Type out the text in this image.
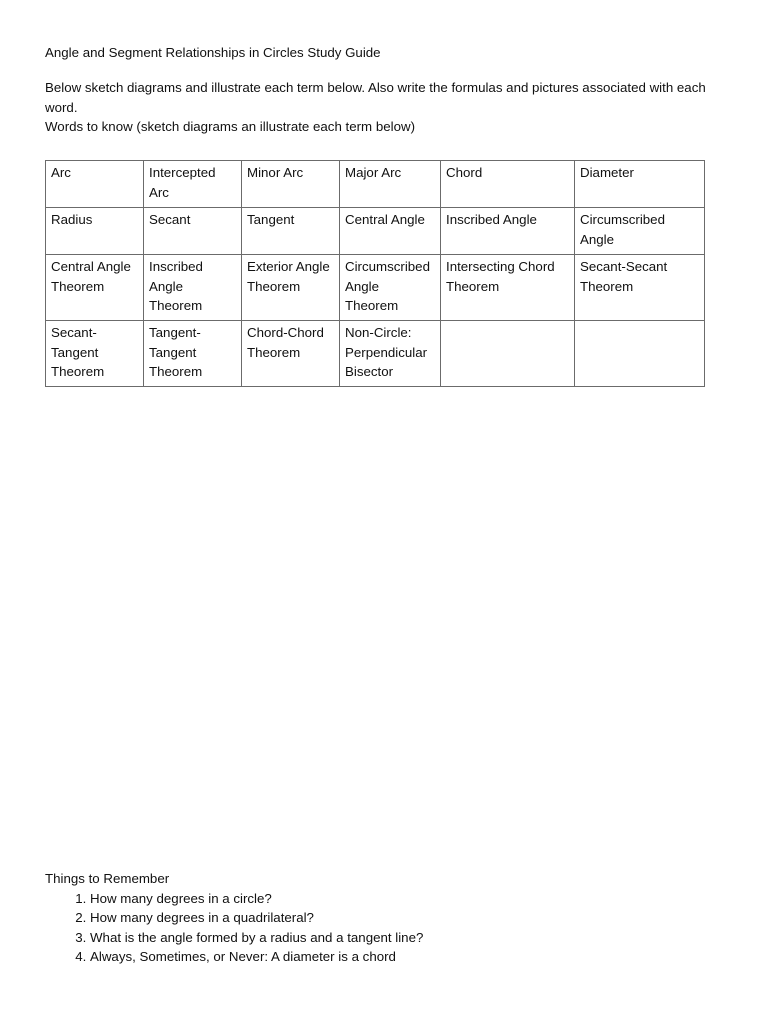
Angle and Segment Relationships in Circles Study Guide

Below sketch diagrams and illustrate each term below. Also write the formulas and pictures associated with each word.

Words to know (sketch diagrams an illustrate each term below)

Arc	Intercepted Arc	Minor Arc	Major Arc	Chord	Diameter
Radius	Secant	Tangent	Central Angle	Inscribed Angle	Circumscribed Angle
Central Angle Theorem	Inscribed Angle Theorem	Exterior Angle Theorem	Circumscribed Angle Theorem	Intersecting Chord Theorem	Secant-Secant Theorem
Secant- Tangent Theorem	Tangent- Tangent Theorem	Chord-Chord Theorem	Non-Circle: Perpendicular Bisector		
Things to Remember
1. How many degrees in a circle?
2. How many degrees in a quadrilateral?
3. What is the angle formed by a radius and a tangent line?
4. Always, Sometimes, or Never: A diameter is a chord
